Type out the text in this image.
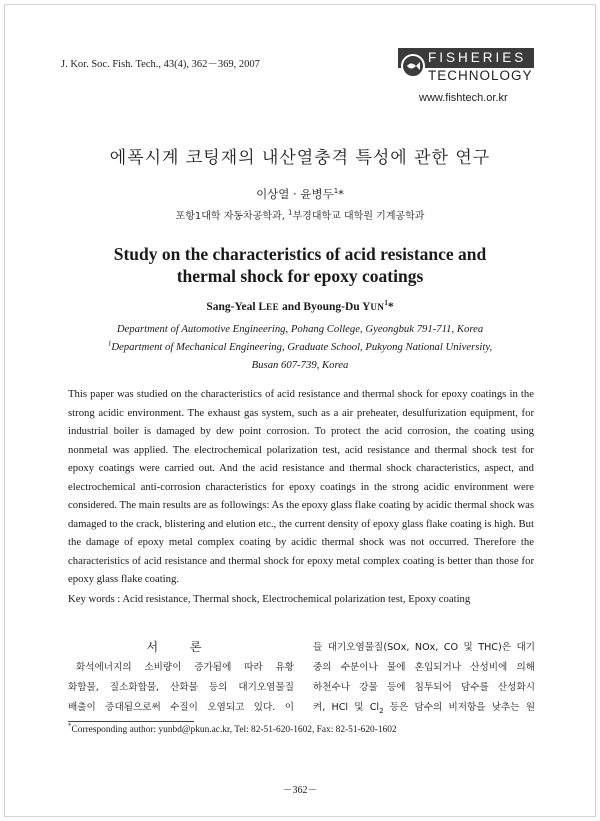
J. Kor. Soc. Fish. Tech., 43(4), 362－369, 2007	FISHERIES
TECHNOLOGY
www.fishtech.or.kr
에폭시계 코팅재의 내산열충격 특성에 관한 연구
이상열 · 윤병두$^1$*
포항1대학 자동차공학과, $^1$부경대학교 대학원 기계공학과
Study on the characteristics of acid resistance and
thermal shock for epoxy coatings
Sang-Yeal LEE and Byoung-Du YUN$^1$*
Department of Automotive Engineering, Pohang College, Gyeongbuk 791-711, Korea
$^1$Department of Mechanical Engineering, Graduate School, Pukyong National University,
Busan 607-739, Korea

This paper was studied on the characteristics of acid resistance and thermal shock for epoxy coatings in the strong acidic environment. The exhaust gas system, such as a air preheater, desulfurization equipment, for industrial boiler is damaged by dew point corrosion. To protect the acid corrosion, the coating using nonmetal was applied. The electrochemical polarization test, acid resistance and thermal shock test for epoxy coatings were carried out. And the acid resistance and thermal shock characteristics, aspect, and electrochemical anti-corrosion characteristics for epoxy coatings in the strong acidic environment were considered. The main results are as followings: As the epoxy glass flake coating by acidic thermal shock was damaged to the crack, blistering and elution etc., the current density of epoxy glass flake coating is high. But the damage of epoxy metal complex coating by acidic thermal shock was not occurred. Therefore the characteristics of acid resistance and thermal shock for epoxy metal complex coating is better than those for epoxy glass flake coating.

Key words : Acid resistance, Thermal shock, Electrochemical polarization test, Epoxy coating
서 론

화석에너지의 소비량이 증가됨에 따라 유황

화합물, 질소화합물, 산화물 등의 대기오염물질

배출이 증대됨으로써 수질이 오염되고 있다. 이

들 대기오염물질(SOx, NOx, CO 및 THC)은 대기

중의 수분이나 물에 혼입되거나 산성비에 의해

하천수나 강물 등에 침투되어 담수를 산성화시

켜, HCl 및 $Cl_2$ 등은 담수의 비저항을 낮추는 원

*Corresponding author: yunbd@pkun.ac.kr, Tel: 82-51-620-1602, Fax: 82-51-620-1602
－362－
